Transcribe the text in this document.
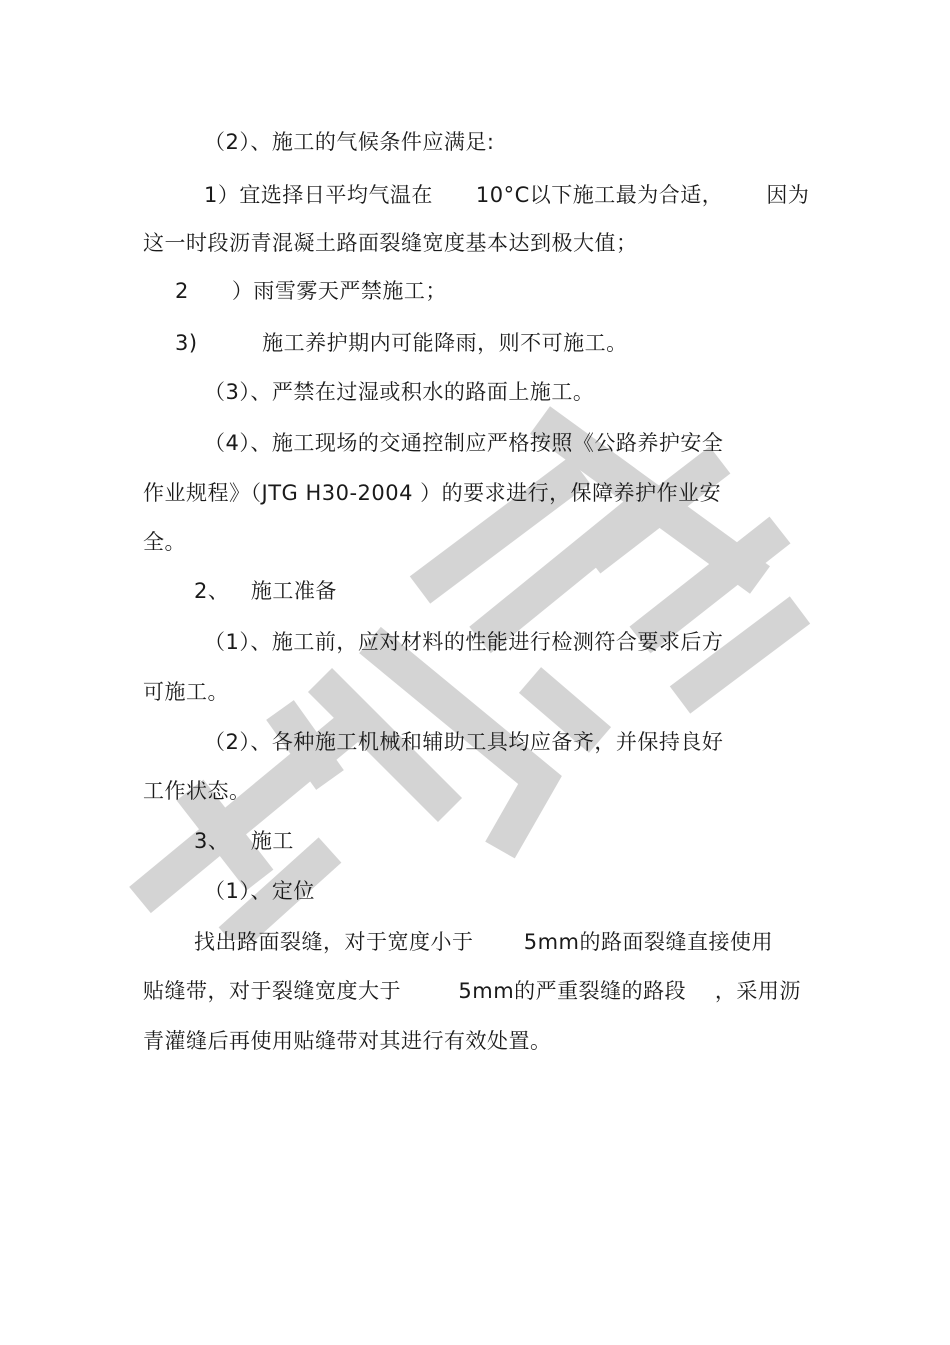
（2）、施工的气候条件应满足:
1）宜选择日平均气温在      10°C以下施工最为合适，      因为
这一时段沥青混凝土路面裂缝宽度基本达到极大值；
2      ）雨雪雾天严禁施工；
3)         施工养护期内可能降雨，则不可施工。
（3）、严禁在过湿或积水的路面上施工。
（4）、施工现场的交通控制应严格按照《公路养护安全
作业规程》（JTG H30-2004 ）的要求进行，保障养护作业安
全。
2、   施工准备
（1）、施工前，应对材料的性能进行检测符合要求后方
可施工。
（2）、各种施工机械和辅助工具均应备齐，并保持良好
工作状态。
3、   施工
（1）、定位
找出路面裂缝，对于宽度小于       5mm的路面裂缝直接使用
贴缝带，对于裂缝宽度大于        5mm的严重裂缝的路段    ，采用沥
青灌缝后再使用贴缝带对其进行有效处置。
